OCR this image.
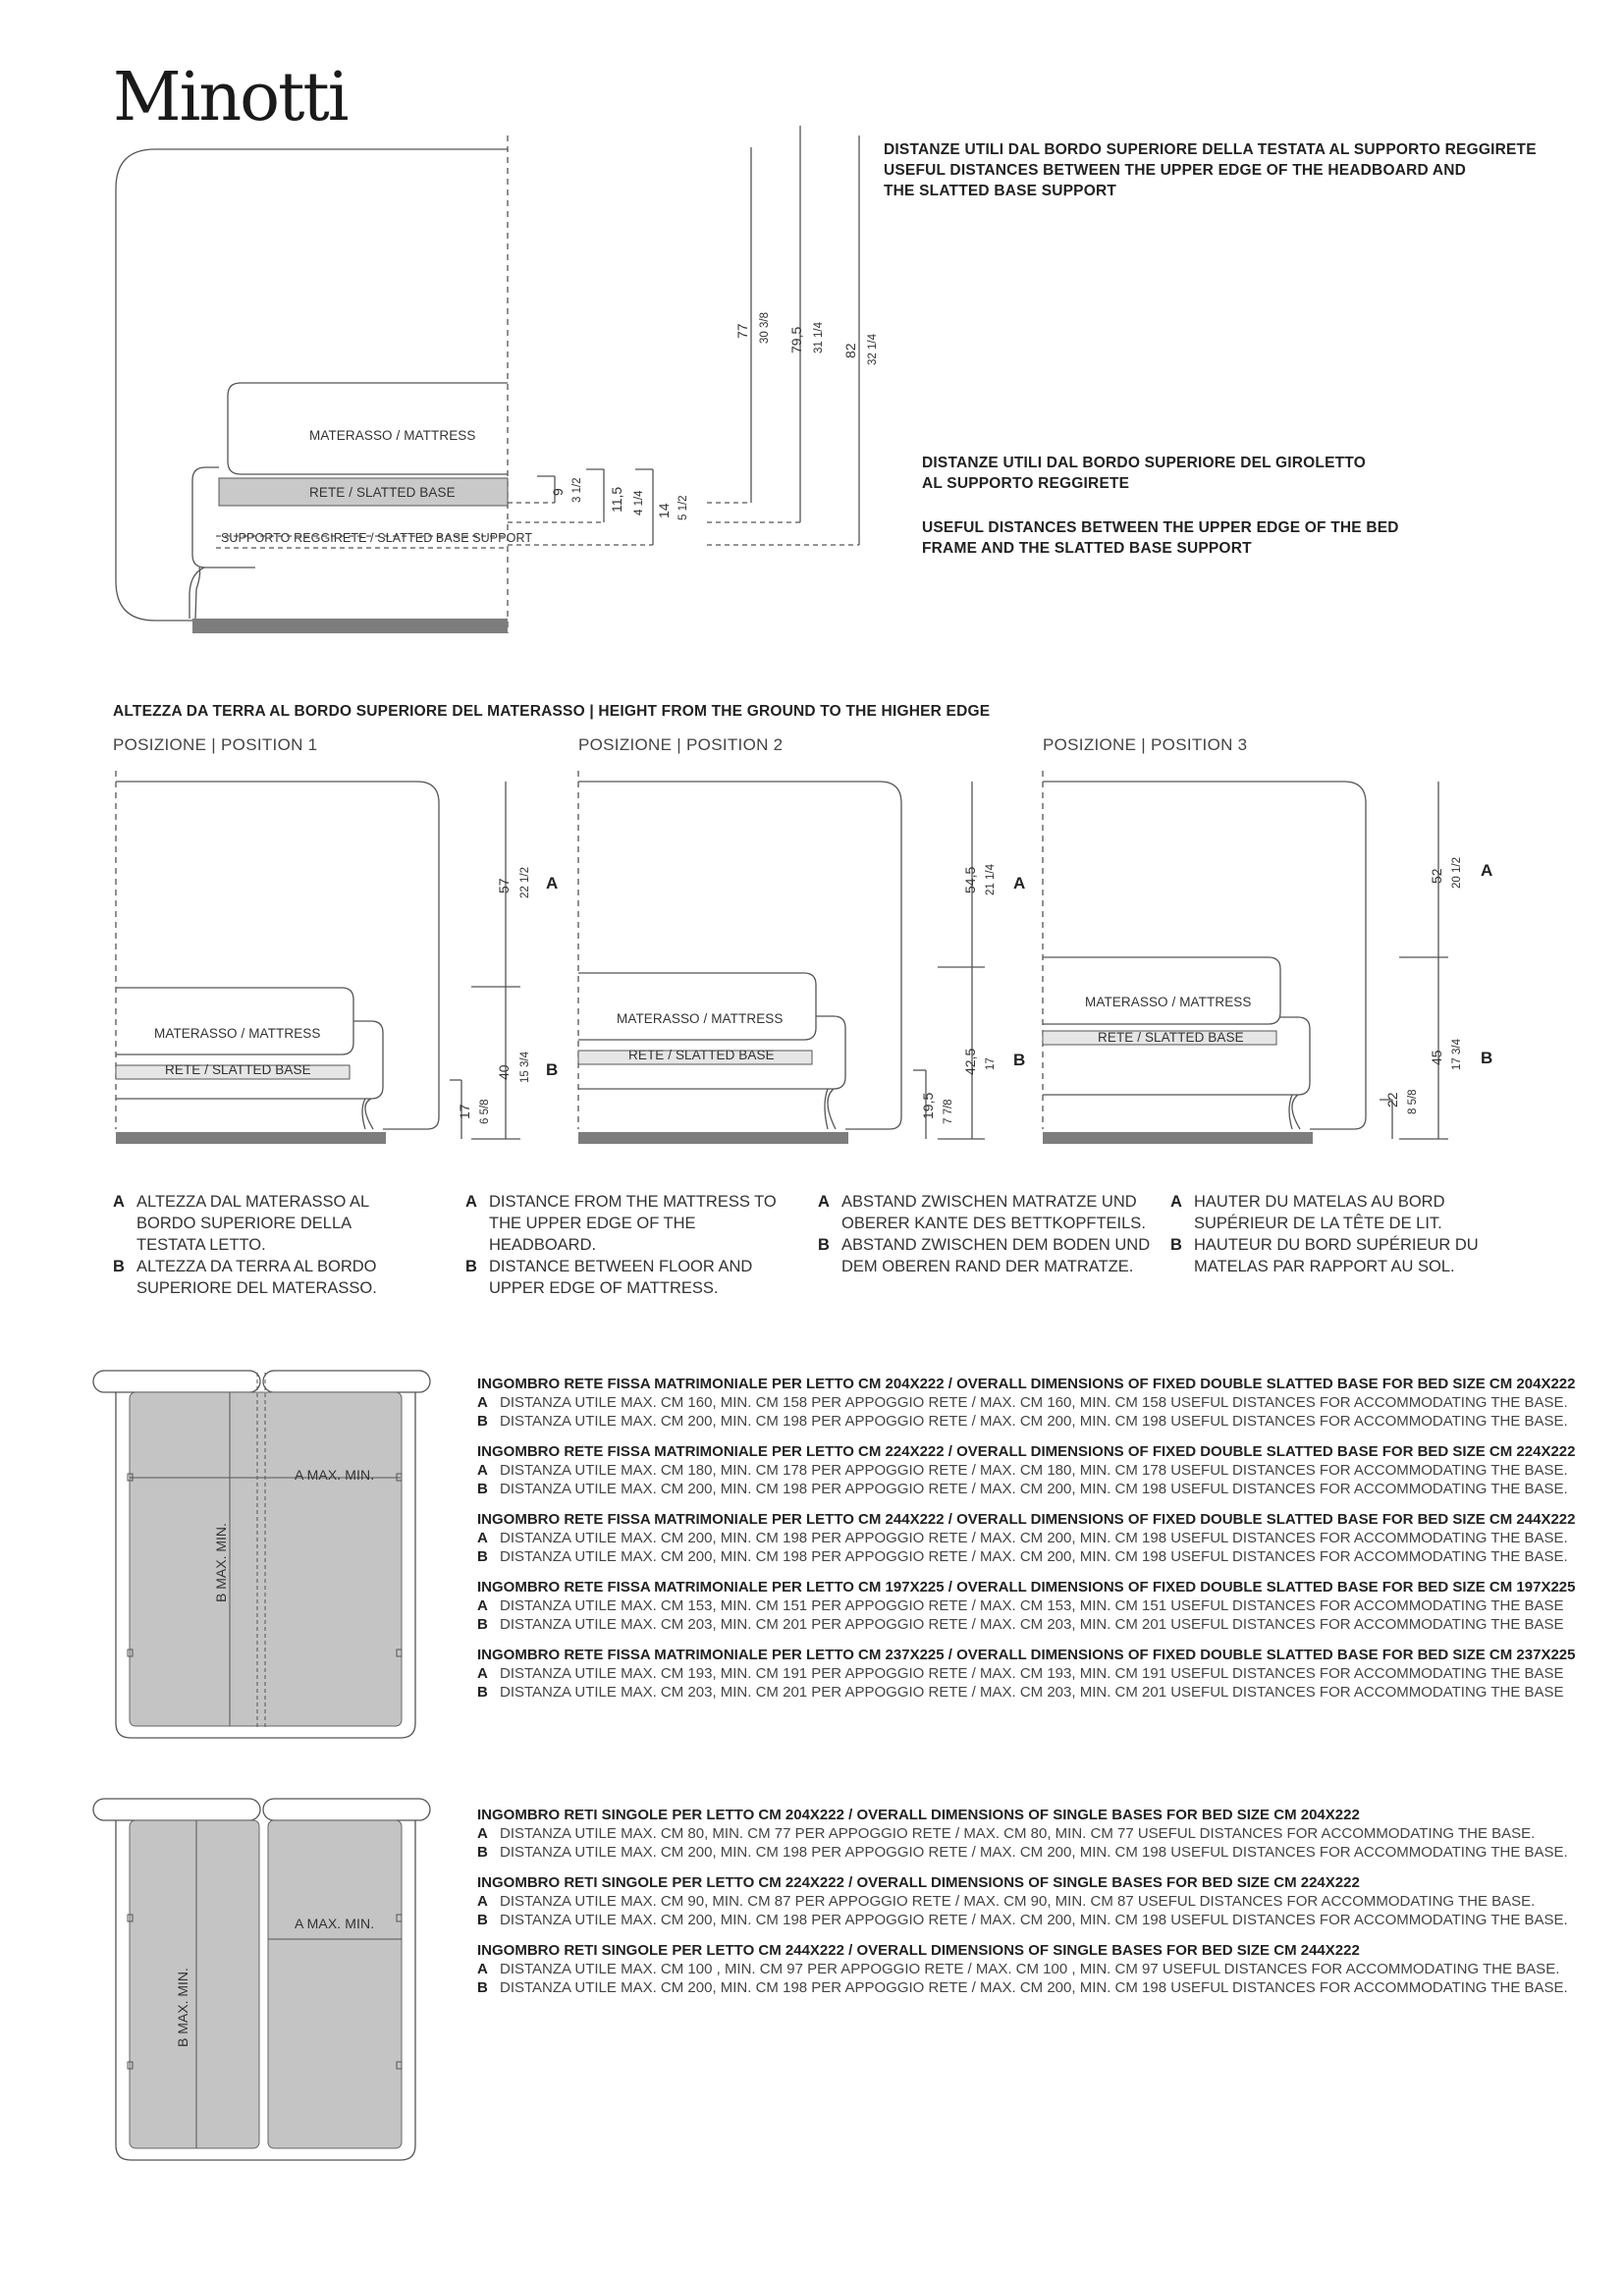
Minotti
DISTANZE UTILI DAL BORDO SUPERIORE DELLA TESTATA AL SUPPORTO REGGIRETE
USEFUL DISTANCES BETWEEN THE UPPER EDGE OF THE HEADBOARD AND
THE SLATTED BASE SUPPORT
DISTANZE UTILI DAL BORDO SUPERIORE DEL GIROLETTO
AL SUPPORTO REGGIRETE
USEFUL DISTANCES BETWEEN THE UPPER EDGE OF THE BED
FRAME AND THE SLATTED BASE SUPPORT
MATERASSO / MATTRESS
RETE / SLATTED BASE
SUPPORTO REGGIRETE / SLATTED BASE SUPPORT
77 30 3/8 79,5 31 1/4 82 32 1/4
9 3 1/2 11,5 4 1/4 14 5 1/2
ALTEZZA DA TERRA AL BORDO SUPERIORE DEL MATERASSO | HEIGHT FROM THE GROUND TO THE HIGHER EDGE
POSIZIONE | POSITION 1	POSIZIONE | POSITION 2	POSIZIONE | POSITION 3
MATERASSO / MATTRESS
RETE / SLATTED BASE
MATERASSO / MATTRESS
RETE / SLATTED BASE
MATERASSO / MATTRESS
RETE / SLATTED BASE
57 22 1/2 A
40 15 3/4 B
17 6 5/8
54,5 21 1/4 A
42,5 17 B
19,5 7 7/8
52 20 1/2 A
45 17 3/4 B
22 8 5/8
A ALTEZZA DAL MATERASSO AL BORDO SUPERIORE DELLA TESTATA LETTO.
B ALTEZZA DA TERRA AL BORDO SUPERIORE DEL MATERASSO.
A DISTANCE FROM THE MATTRESS TO THE UPPER EDGE OF THE HEADBOARD.
B DISTANCE BETWEEN FLOOR AND UPPER EDGE OF MATTRESS.
A ABSTAND ZWISCHEN MATRATZE UND OBERER KANTE DES BETTKOPFTEILS.
B ABSTAND ZWISCHEN DEM BODEN UND DEM OBEREN RAND DER MATRATZE.
A HAUTER DU MATELAS AU BORD SUPÉRIEUR DE LA TÊTE DE LIT.
B HAUTEUR DU BORD SUPÉRIEUR DU MATELAS PAR RAPPORT AU SOL.
A MAX. MIN.
B MAX. MIN.
INGOMBRO RETE FISSA MATRIMONIALE PER LETTO CM 204X222 / OVERALL DIMENSIONS OF FIXED DOUBLE SLATTED BASE FOR BED SIZE CM 204X222
A DISTANZA UTILE MAX. CM 160, MIN. CM 158 PER APPOGGIO RETE / MAX. CM 160, MIN. CM 158 USEFUL DISTANCES FOR ACCOMMODATING THE BASE.
B DISTANZA UTILE MAX. CM 200, MIN. CM 198 PER APPOGGIO RETE / MAX. CM 200, MIN. CM 198 USEFUL DISTANCES FOR ACCOMMODATING THE BASE.
INGOMBRO RETE FISSA MATRIMONIALE PER LETTO CM 224X222 / OVERALL DIMENSIONS OF FIXED DOUBLE SLATTED BASE FOR BED SIZE CM 224X222
A DISTANZA UTILE MAX. CM 180, MIN. CM 178 PER APPOGGIO RETE / MAX. CM 180, MIN. CM 178 USEFUL DISTANCES FOR ACCOMMODATING THE BASE.
B DISTANZA UTILE MAX. CM 200, MIN. CM 198 PER APPOGGIO RETE / MAX. CM 200, MIN. CM 198 USEFUL DISTANCES FOR ACCOMMODATING THE BASE.
INGOMBRO RETE FISSA MATRIMONIALE PER LETTO CM 244X222 / OVERALL DIMENSIONS OF FIXED DOUBLE SLATTED BASE FOR BED SIZE CM 244X222
A DISTANZA UTILE MAX. CM 200, MIN. CM 198 PER APPOGGIO RETE / MAX. CM 200, MIN. CM 198 USEFUL DISTANCES FOR ACCOMMODATING THE BASE.
B DISTANZA UTILE MAX. CM 200, MIN. CM 198 PER APPOGGIO RETE / MAX. CM 200, MIN. CM 198 USEFUL DISTANCES FOR ACCOMMODATING THE BASE.
INGOMBRO RETE FISSA MATRIMONIALE PER LETTO CM 197X225 / OVERALL DIMENSIONS OF FIXED DOUBLE SLATTED BASE FOR BED SIZE CM 197X225
A DISTANZA UTILE MAX. CM 153, MIN. CM 151 PER APPOGGIO RETE / MAX. CM 153, MIN. CM 151 USEFUL DISTANCES FOR ACCOMMODATING THE BASE
B DISTANZA UTILE MAX. CM 203, MIN. CM 201 PER APPOGGIO RETE / MAX. CM 203, MIN. CM 201 USEFUL DISTANCES FOR ACCOMMODATING THE BASE
INGOMBRO RETE FISSA MATRIMONIALE PER LETTO CM 237X225 / OVERALL DIMENSIONS OF FIXED DOUBLE SLATTED BASE FOR BED SIZE CM 237X225
A DISTANZA UTILE MAX. CM 193, MIN. CM 191 PER APPOGGIO RETE / MAX. CM 193, MIN. CM 191 USEFUL DISTANCES FOR ACCOMMODATING THE BASE
B DISTANZA UTILE MAX. CM 203, MIN. CM 201 PER APPOGGIO RETE / MAX. CM 203, MIN. CM 201 USEFUL DISTANCES FOR ACCOMMODATING THE BASE
A MAX. MIN.
B MAX. MIN.
INGOMBRO RETI SINGOLE PER LETTO CM 204X222 / OVERALL DIMENSIONS OF SINGLE BASES FOR BED SIZE CM 204X222
A DISTANZA UTILE MAX. CM 80, MIN. CM 77 PER APPOGGIO RETE / MAX. CM 80, MIN. CM 77 USEFUL DISTANCES FOR ACCOMMODATING THE BASE.
B DISTANZA UTILE MAX. CM 200, MIN. CM 198 PER APPOGGIO RETE / MAX. CM 200, MIN. CM 198 USEFUL DISTANCES FOR ACCOMMODATING THE BASE.
INGOMBRO RETI SINGOLE PER LETTO CM 224X222 / OVERALL DIMENSIONS OF SINGLE BASES FOR BED SIZE CM 224X222
A DISTANZA UTILE MAX. CM 90, MIN. CM 87 PER APPOGGIO RETE / MAX. CM 90, MIN. CM 87 USEFUL DISTANCES FOR ACCOMMODATING THE BASE.
B DISTANZA UTILE MAX. CM 200, MIN. CM 198 PER APPOGGIO RETE / MAX. CM 200, MIN. CM 198 USEFUL DISTANCES FOR ACCOMMODATING THE BASE.
INGOMBRO RETI SINGOLE PER LETTO CM 244X222 / OVERALL DIMENSIONS OF SINGLE BASES FOR BED SIZE CM 244X222
A DISTANZA UTILE MAX. CM 100 , MIN. CM 97 PER APPOGGIO RETE / MAX. CM 100 , MIN. CM 97 USEFUL DISTANCES FOR ACCOMMODATING THE BASE.
B DISTANZA UTILE MAX. CM 200, MIN. CM 198 PER APPOGGIO RETE / MAX. CM 200, MIN. CM 198 USEFUL DISTANCES FOR ACCOMMODATING THE BASE.
